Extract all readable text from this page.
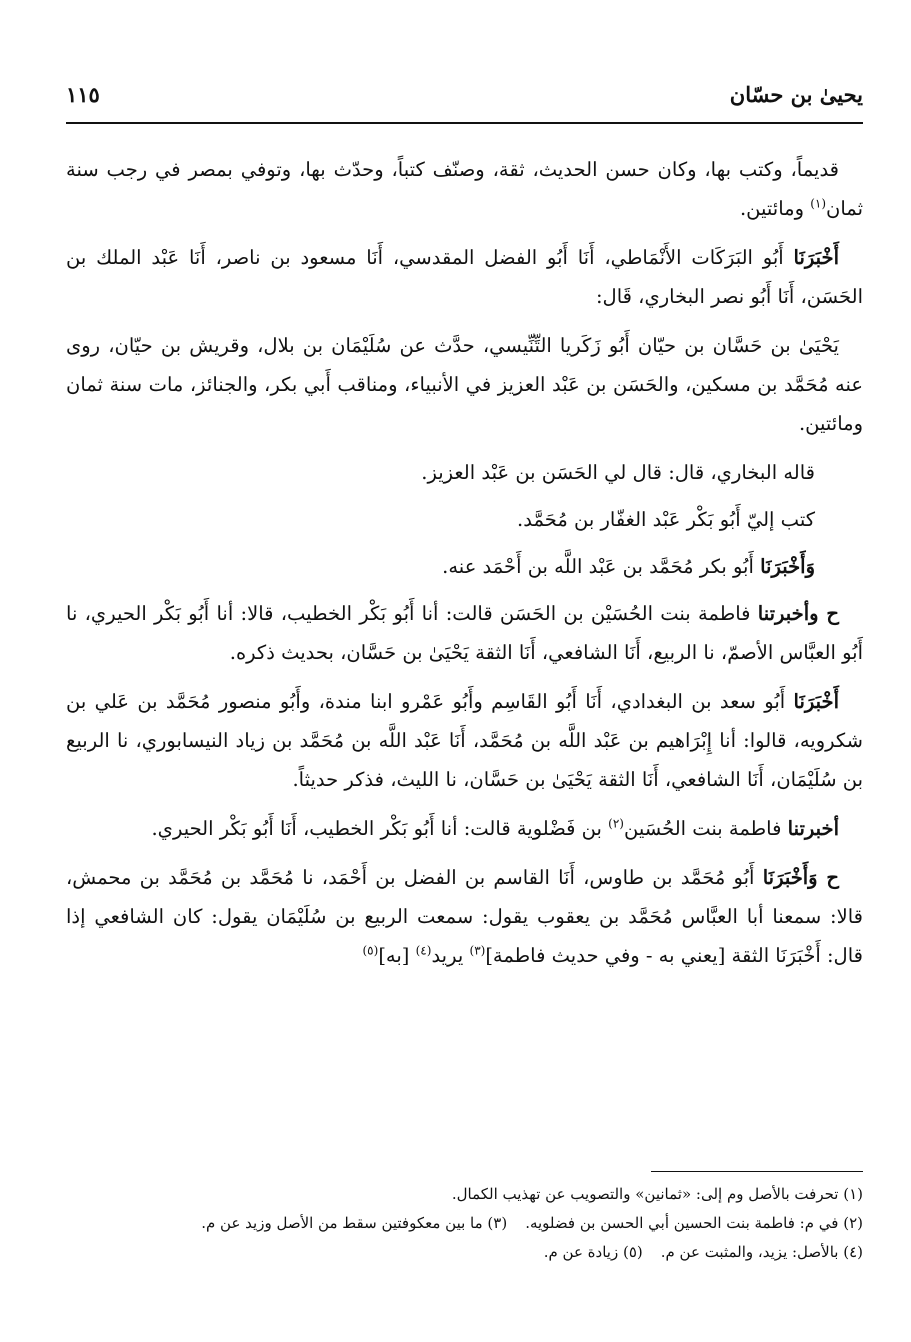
يحيىٰ بن حسّان
١١٥

قديماً، وكتب بها، وكان حسن الحديث، ثقة، وصنّف كتباً، وحدّث بها، وتوفي بمصر في رجب سنة ثمان$^{(١)}$ ومائتين.

أَخْبَرَنَا أَبُو البَرَكَات الأَنْمَاطي، أَنَا أَبُو الفضل المقدسي، أَنَا مسعود بن ناصر، أَنَا عَبْد الملك بن الحَسَن، أَنَا أَبُو نصر البخاري، قَال:

يَحْيَىٰ بن حَسَّان بن حيّان أَبُو زَكَريا التِّنِّيسي، حدَّث عن سُلَيْمَان بن بلال، وقريش بن حيّان، روى عنه مُحَمَّد بن مسكين، والحَسَن بن عَبْد العزيز في الأنبياء، ومناقب أَبي بكر، والجنائز، مات سنة ثمان ومائتين.

قاله البخاري، قال: قال لي الحَسَن بن عَبْد العزيز.

كتب إليّ أَبُو بَكْر عَبْد الغفّار بن مُحَمَّد.

وَأَخْبَرَنَا أَبُو بكر مُحَمَّد بن عَبْد اللَّه بن أَحْمَد عنه.

ح وأخبرتنا فاطمة بنت الحُسَيْن بن الحَسَن قالت: أنا أَبُو بَكْر الخطيب، قالا: أنا أَبُو بَكْر الحيري، نا أَبُو العبَّاس الأصمّ، نا الربيع، أَنَا الشافعي، أَنَا الثقة يَحْيَىٰ بن حَسَّان، بحديث ذكره.

أَخْبَرَنَا أَبُو سعد بن البغدادي، أَنَا أَبُو القَاسِم وأَبُو عَمْرو ابنا مندة، وأَبُو منصور مُحَمَّد بن عَلي بن شكرويه، قالوا: أنا إِبْرَاهيم بن عَبْد اللَّه بن مُحَمَّد، أَنَا عَبْد اللَّه بن مُحَمَّد بن زياد النيسابوري، نا الربيع بن سُلَيْمَان، أَنَا الشافعي، أَنَا الثقة يَحْيَىٰ بن حَسَّان، نا الليث، فذكر حديثاً.

أخبرتنا فاطمة بنت الحُسَين$^{(٢)}$ بن فَضْلوية قالت: أنا أَبُو بَكْر الخطيب، أَنَا أَبُو بَكْر الحيري.

ح وَأَخْبَرَنَا أَبُو مُحَمَّد بن طاوس، أَنَا القاسم بن الفضل بن أَحْمَد، نا مُحَمَّد بن مُحَمَّد بن محمش، قالا: سمعنا أبا العبَّاس مُحَمَّد بن يعقوب يقول: سمعت الربيع بن سُلَيْمَان يقول: كان الشافعي إذا قال: أَخْبَرَنَا الثقة [يعني به - وفي حديث فاطمة]$^{(٣)}$ يريد$^{(٤)}$ [به]$^{(٥)}$

(١) تحرفت بالأصل وم إلى: «ثمانين» والتصويب عن تهذيب الكمال.
(٢) في م: فاطمة بنت الحسين أبي الحسن بن فضلويه.(٣) ما بين معكوفتين سقط من الأصل وزيد عن م.
(٤) بالأصل: يزيد، والمثبت عن م.(٥) زيادة عن م.
